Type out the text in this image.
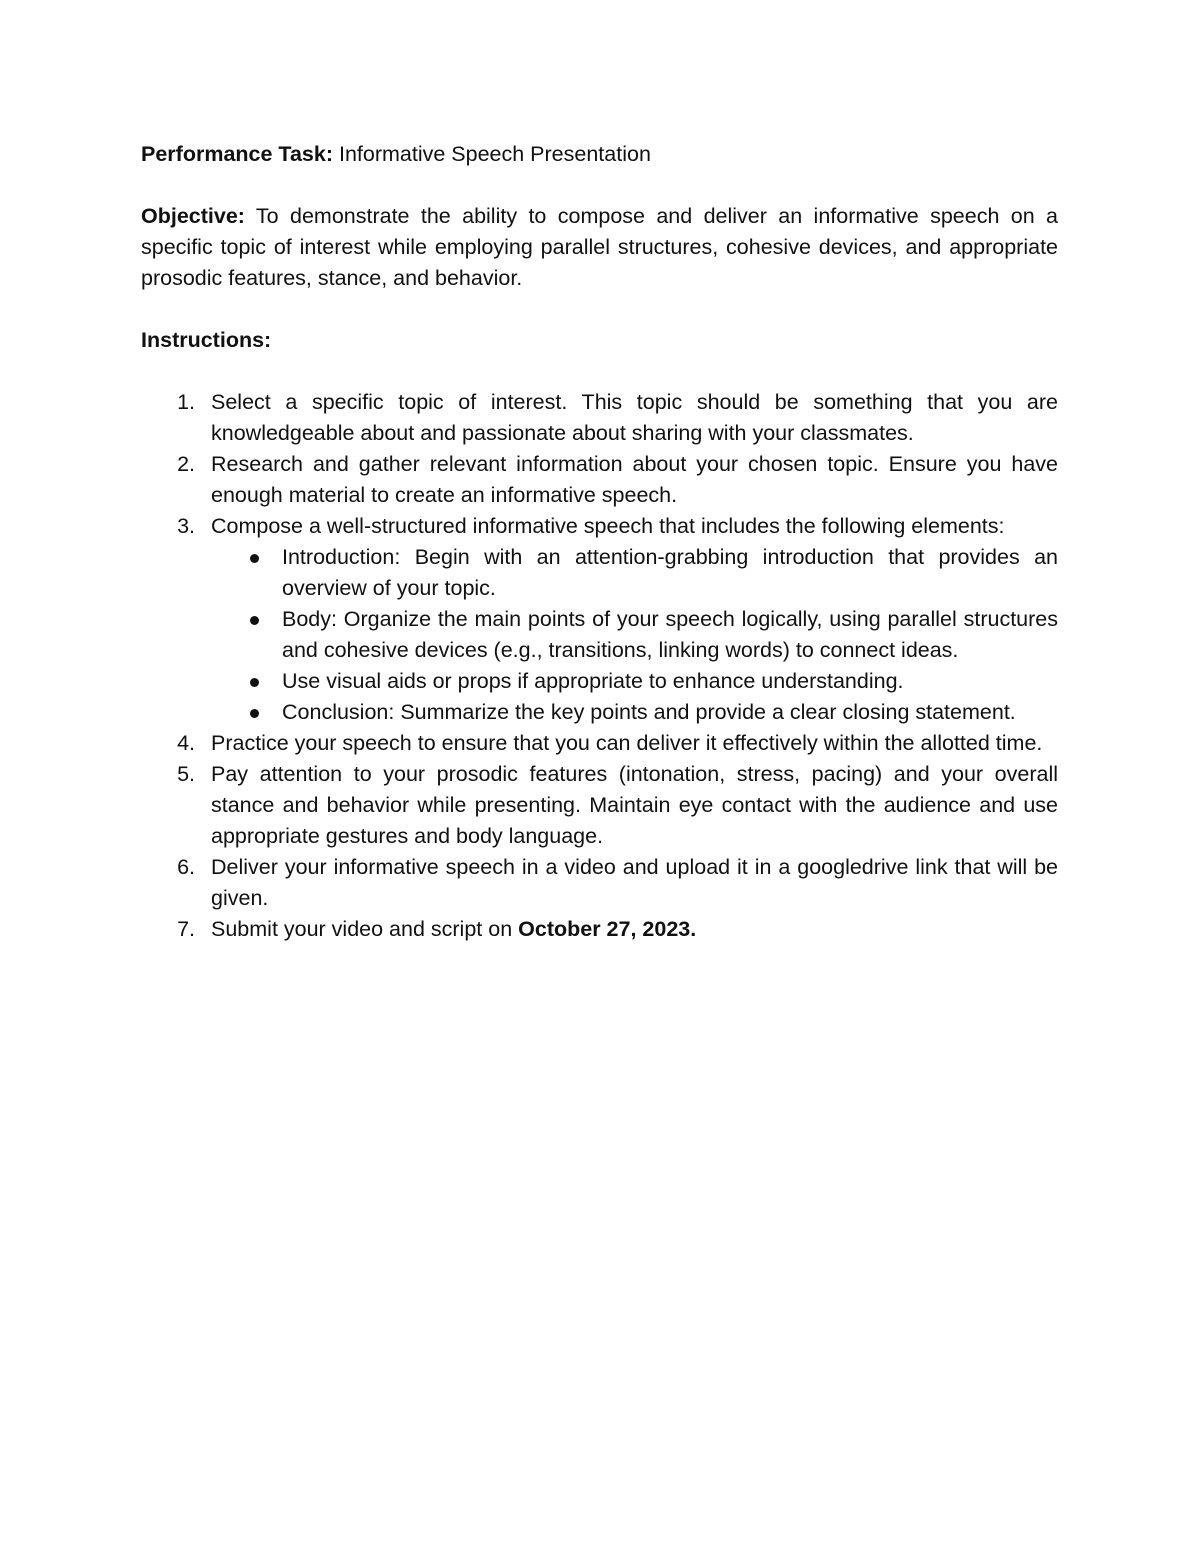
Performance Task: Informative Speech Presentation

Objective: To demonstrate the ability to compose and deliver an informative speech on a specific topic of interest while employing parallel structures, cohesive devices, and appropriate prosodic features, stance, and behavior.

Instructions:

1. Select a specific topic of interest. This topic should be something that you are knowledgeable about and passionate about sharing with your classmates.
2. Research and gather relevant information about your chosen topic. Ensure you have enough material to create an informative speech.
3. Compose a well-structured informative speech that includes the following elements:
Introduction: Begin with an attention-grabbing introduction that provides an overview of your topic.
Body: Organize the main points of your speech logically, using parallel structures and cohesive devices (e.g., transitions, linking words) to connect ideas.
Use visual aids or props if appropriate to enhance understanding.
Conclusion: Summarize the key points and provide a clear closing statement.
4. Practice your speech to ensure that you can deliver it effectively within the allotted time.
5. Pay attention to your prosodic features (intonation, stress, pacing) and your overall stance and behavior while presenting. Maintain eye contact with the audience and use appropriate gestures and body language.
6. Deliver your informative speech in a video and upload it in a googledrive link that will be given.
7. Submit your video and script on October 27, 2023.
